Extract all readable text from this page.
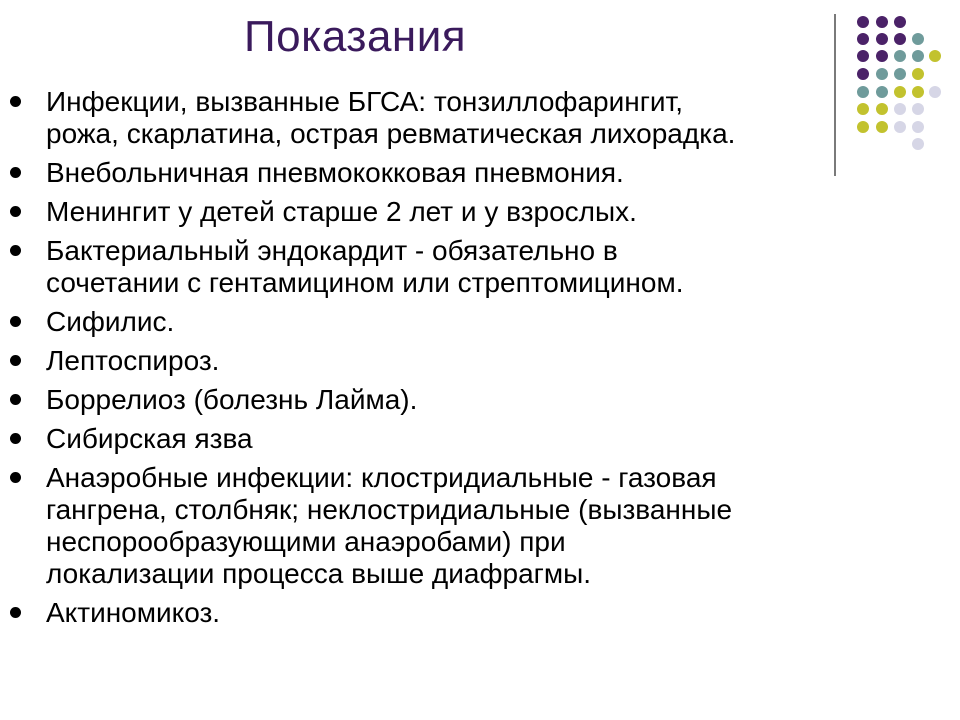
Показания
Инфекции, вызванные БГСА: тонзиллофарингит,
рожа, скарлатина, острая ревматическая лихорадка.
Внебольничная пневмококковая пневмония.
Менингит у детей старше 2 лет и у взрослых.
Бактериальный эндокардит - обязательно в
сочетании с гентамицином или стрептомицином.
Сифилис.
Лептоспироз.
Боррелиоз (болезнь Лайма).
Сибирская язва
Анаэробные инфекции: клостридиальные - газовая
гангрена, столбняк; неклостридиальные (вызванные
неспорообразующими анаэробами) при
локализации процесса выше диафрагмы.
Актиномикоз.
